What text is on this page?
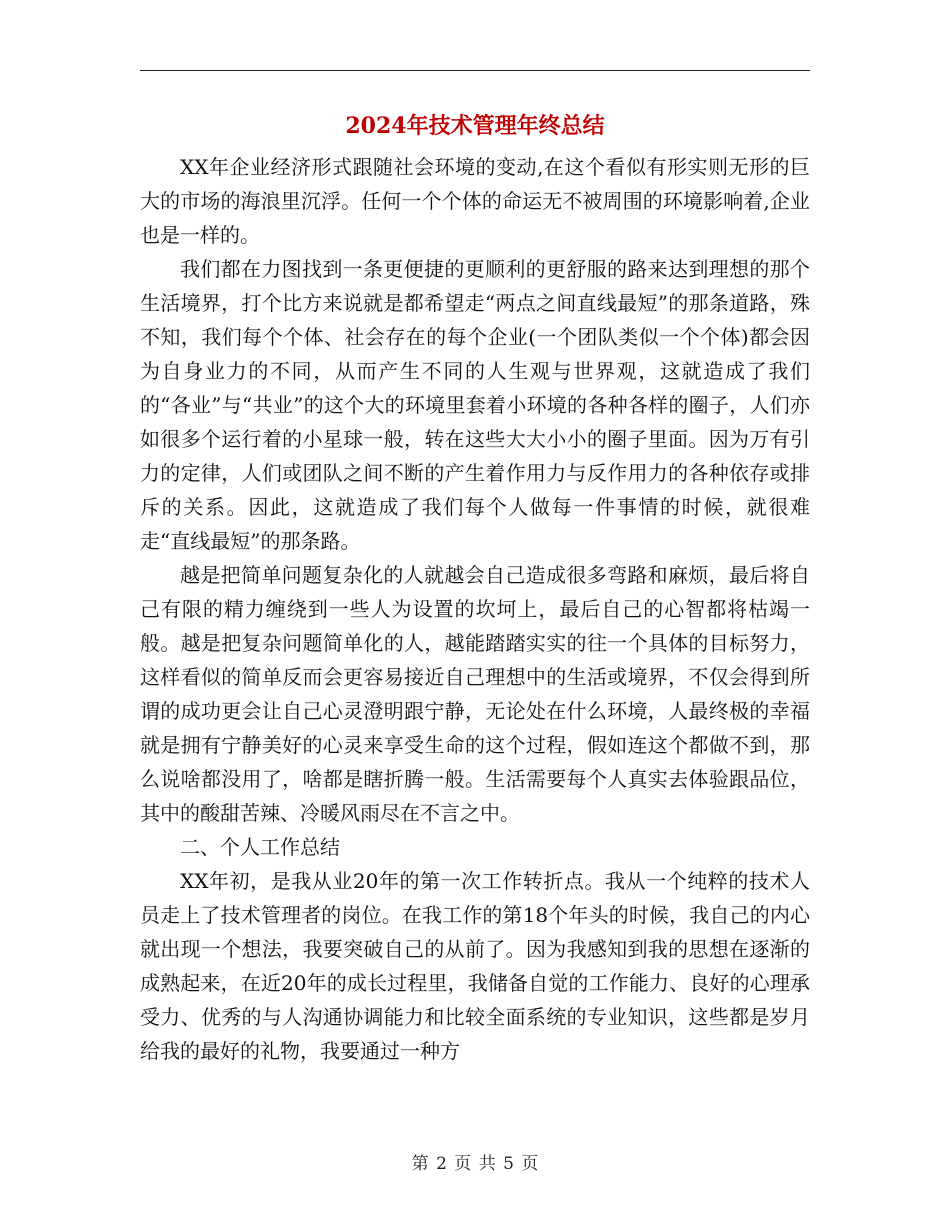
2024年技术管理年终总结

XX年企业经济形式跟随社会环境的变动,在这个看似有形实则无形的巨大的市场的海浪里沉浮。任何一个个体的命运无不被周围的环境影响着,企业也是一样的。

我们都在力图找到一条更便捷的更顺利的更舒服的路来达到理想的那个生活境界，打个比方来说就是都希望走“两点之间直线最短”的那条道路，殊不知，我们每个个体、社会存在的每个企业(一个团队类似一个个体)都会因为自身业力的不同，从而产生不同的人生观与世界观，这就造成了我们的“各业”与“共业”的这个大的环境里套着小环境的各种各样的圈子，人们亦如很多个运行着的小星球一般，转在这些大大小小的圈子里面。因为万有引力的定律，人们或团队之间不断的产生着作用力与反作用力的各种依存或排斥的关系。因此，这就造成了我们每个人做每一件事情的时候，就很难走“直线最短”的那条路。

越是把简单问题复杂化的人就越会自己造成很多弯路和麻烦，最后将自己有限的精力缠绕到一些人为设置的坎坷上，最后自己的心智都将枯竭一般。越是把复杂问题简单化的人，越能踏踏实实的往一个具体的目标努力，这样看似的简单反而会更容易接近自己理想中的生活或境界，不仅会得到所谓的成功更会让自己心灵澄明跟宁静，无论处在什么环境，人最终极的幸福就是拥有宁静美好的心灵来享受生命的这个过程，假如连这个都做不到，那么说啥都没用了，啥都是瞎折腾一般。生活需要每个人真实去体验跟品位，其中的酸甜苦辣、冷暖风雨尽在不言之中。

二、个人工作总结

XX年初，是我从业20年的第一次工作转折点。我从一个纯粹的技术人员走上了技术管理者的岗位。在我工作的第18个年头的时候，我自己的内心就出现一个想法，我要突破自己的从前了。因为我感知到我的思想在逐渐的成熟起来，在近20年的成长过程里，我储备自觉的工作能力、良好的心理承受力、优秀的与人沟通协调能力和比较全面系统的专业知识，这些都是岁月给我的最好的礼物，我要通过一种方

第 2 页 共 5 页
